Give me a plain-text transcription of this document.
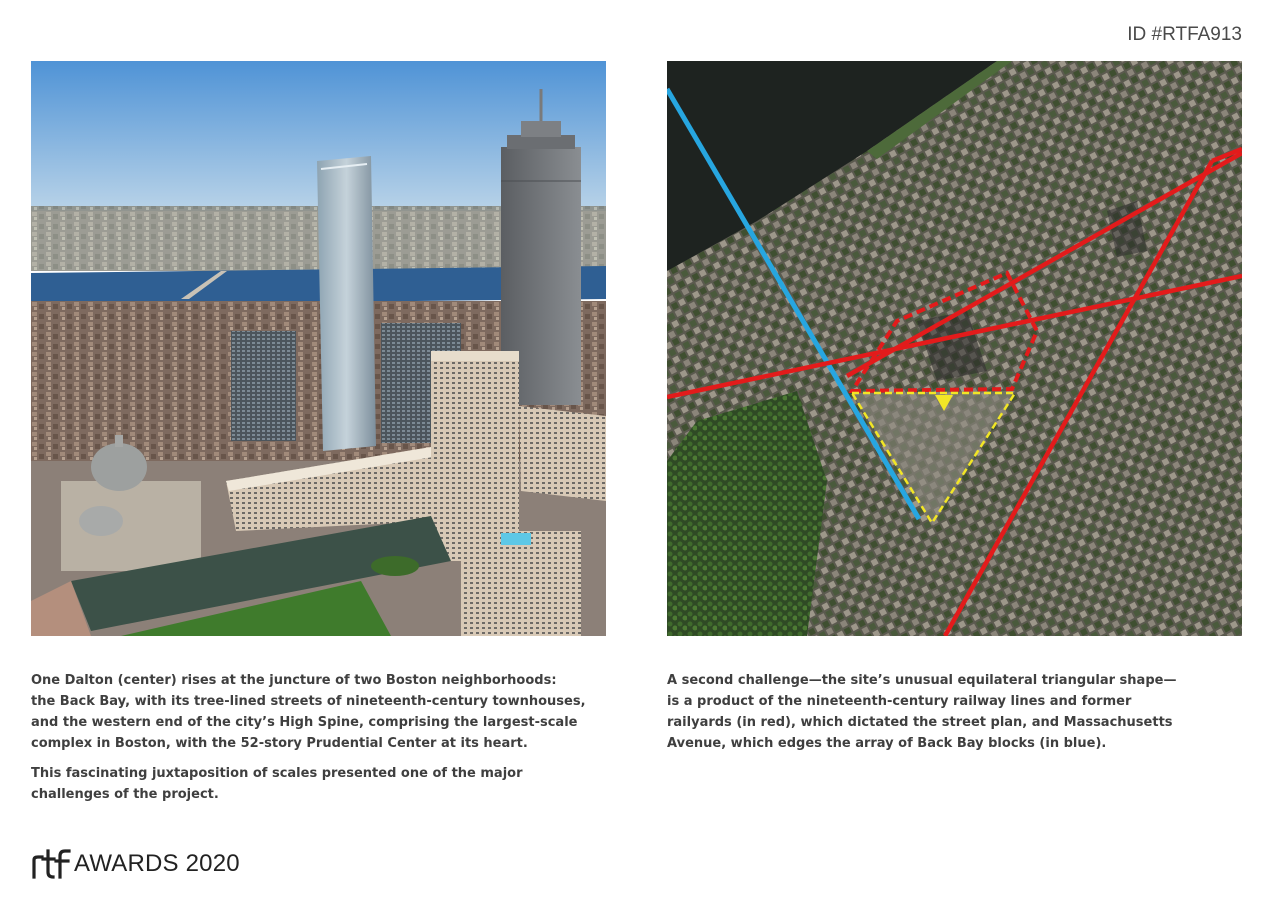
ID #RTFA913

One Dalton (center) rises at the juncture of two Boston neighborhoods:
the Back Bay, with its tree-lined streets of nineteenth-century townhouses,
and the western end of the city’s High Spine, comprising the largest-scale
complex in Boston, with the 52-story Prudential Center at its heart.

This fascinating juxtaposition of scales presented one of the major
challenges of the project.

A second challenge—the site’s unusual equilateral triangular shape—
is a product of the nineteenth-century railway lines and former
railyards (in red), which dictated the street plan, and Massachusetts
Avenue, which edges the array of Back Bay blocks (in blue).

AWARDS 2020
